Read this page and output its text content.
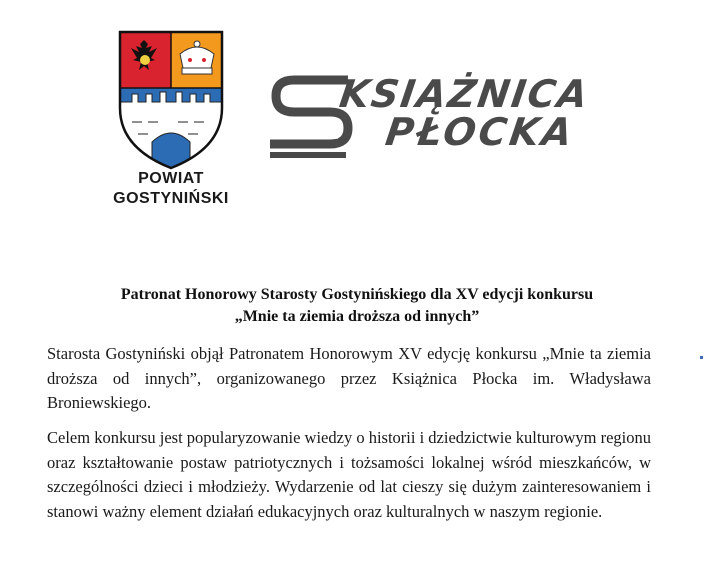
POWIAT
GOSTYNIŃSKI
KSIĄŻNICA
PŁOCKA
Patronat Honorowy Starosty Gostynińskiego dla XV edycji konkursu
„Mnie ta ziemia droższa od innych”

Starosta Gostyniński objął Patronatem Honorowym XV edycję konkursu „Mnie ta ziemia droższa od innych”, organizowanego przez Książnica Płocka im. Władysława Broniewskiego.

Celem konkursu jest popularyzowanie wiedzy o historii i dziedzictwie kulturowym regionu oraz kształtowanie postaw patriotycznych i tożsamości lokalnej wśród mieszkańców, w szczególności dzieci i młodzieży. Wydarzenie od lat cieszy się dużym zainteresowaniem i stanowi ważny element działań edukacyjnych oraz kulturalnych w naszym regionie.
